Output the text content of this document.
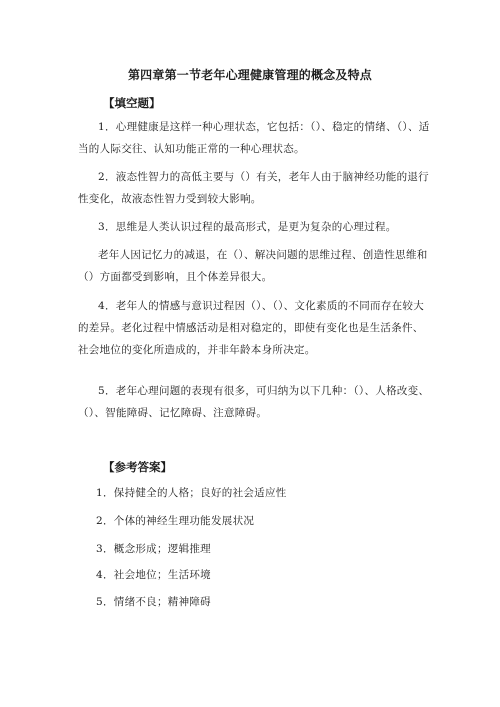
第四章第一节老年心理健康管理的概念及特点
【填空题】
1．心理健康是这样一种心理状态，它包括：（）、稳定的情绪、（）、适当的人际交往、认知功能正常的一种心理状态。
2．液态性智力的高低主要与（）有关，老年人由于脑神经功能的退行性变化，故液态性智力受到较大影响。
3．思维是人类认识过程的最高形式，是更为复杂的心理过程。
老年人因记忆力的减退，在（）、解决问题的思维过程、创造性思维和（）方面都受到影响，且个体差异很大。
4．老年人的情感与意识过程因（）、（）、文化素质的不同而存在较大的差异。老化过程中情感活动是相对稳定的，即使有变化也是生活条件、社会地位的变化所造成的，并非年龄本身所决定。
5．老年心理问题的表现有很多，可归纳为以下几种：（）、人格改变、（）、智能障碍、记忆障碍、注意障碍。
【参考答案】
1．保持健全的人格；良好的社会适应性
2．个体的神经生理功能发展状况
3．概念形成；逻辑推理
4．社会地位；生活环境
5．情绪不良；精神障碍
